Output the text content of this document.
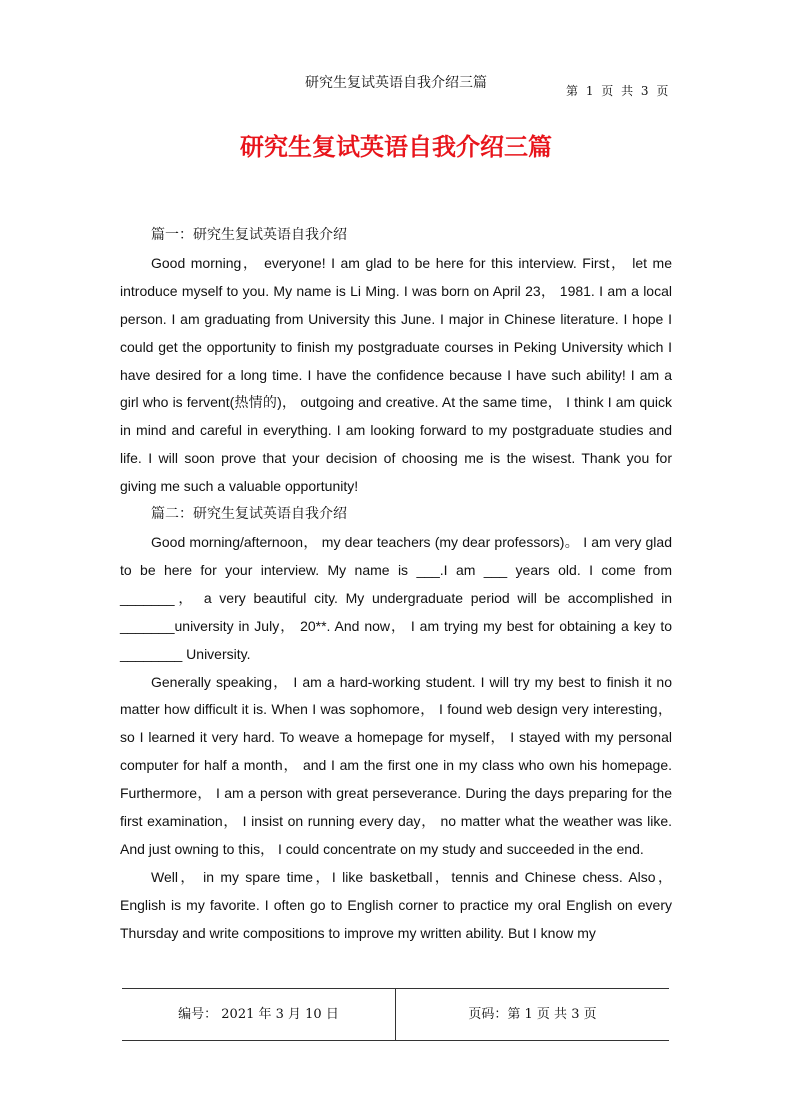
研究生复试英语自我介绍三篇	第 1 页 共 3 页
研究生复试英语自我介绍三篇

篇一：研究生复试英语自我介绍

Good morning， everyone! I am glad to be here for this interview. First， let me introduce myself to you. My name is Li Ming. I was born on April 23， 1981. I am a local person. I am graduating from University this June. I major in Chinese literature. I hope I could get the opportunity to finish my postgraduate courses in Peking University which I have desired for a long time. I have the confidence because I have such ability! I am a girl who is fervent(热情的)， outgoing and creative. At the same time， I think I am quick in mind and careful in everything. I am looking forward to my postgraduate studies and life. I will soon prove that your decision of choosing me is the wisest. Thank you for giving me such a valuable opportunity!

篇二：研究生复试英语自我介绍

Good morning/afternoon， my dear teachers (my dear professors)。 I am very glad to be here for your interview. My name is ___.I am ___ years old. I come from _______， a very beautiful city. My undergraduate period will be accomplished in _______university in July， 20**. And now， I am trying my best for obtaining a key to ________ University.

Generally speaking， I am a hard-working student. I will try my best to finish it no matter how difficult it is. When I was sophomore， I found web design very interesting， so I learned it very hard. To weave a homepage for myself， I stayed with my personal computer for half a month， and I am the first one in my class who own his homepage. Furthermore， I am a person with great perseverance. During the days preparing for the first examination， I insist on running every day， no matter what the weather was like. And just owning to this， I could concentrate on my study and succeeded in the end.

Well， in my spare time，I like basketball，tennis and Chinese chess. Also，English is my favorite. I often go to English corner to practice my oral English on every Thursday and write compositions to improve my written ability. But I know my

编号： 2021 年 3 月 10 日	页码：第 1 页 共 3 页
